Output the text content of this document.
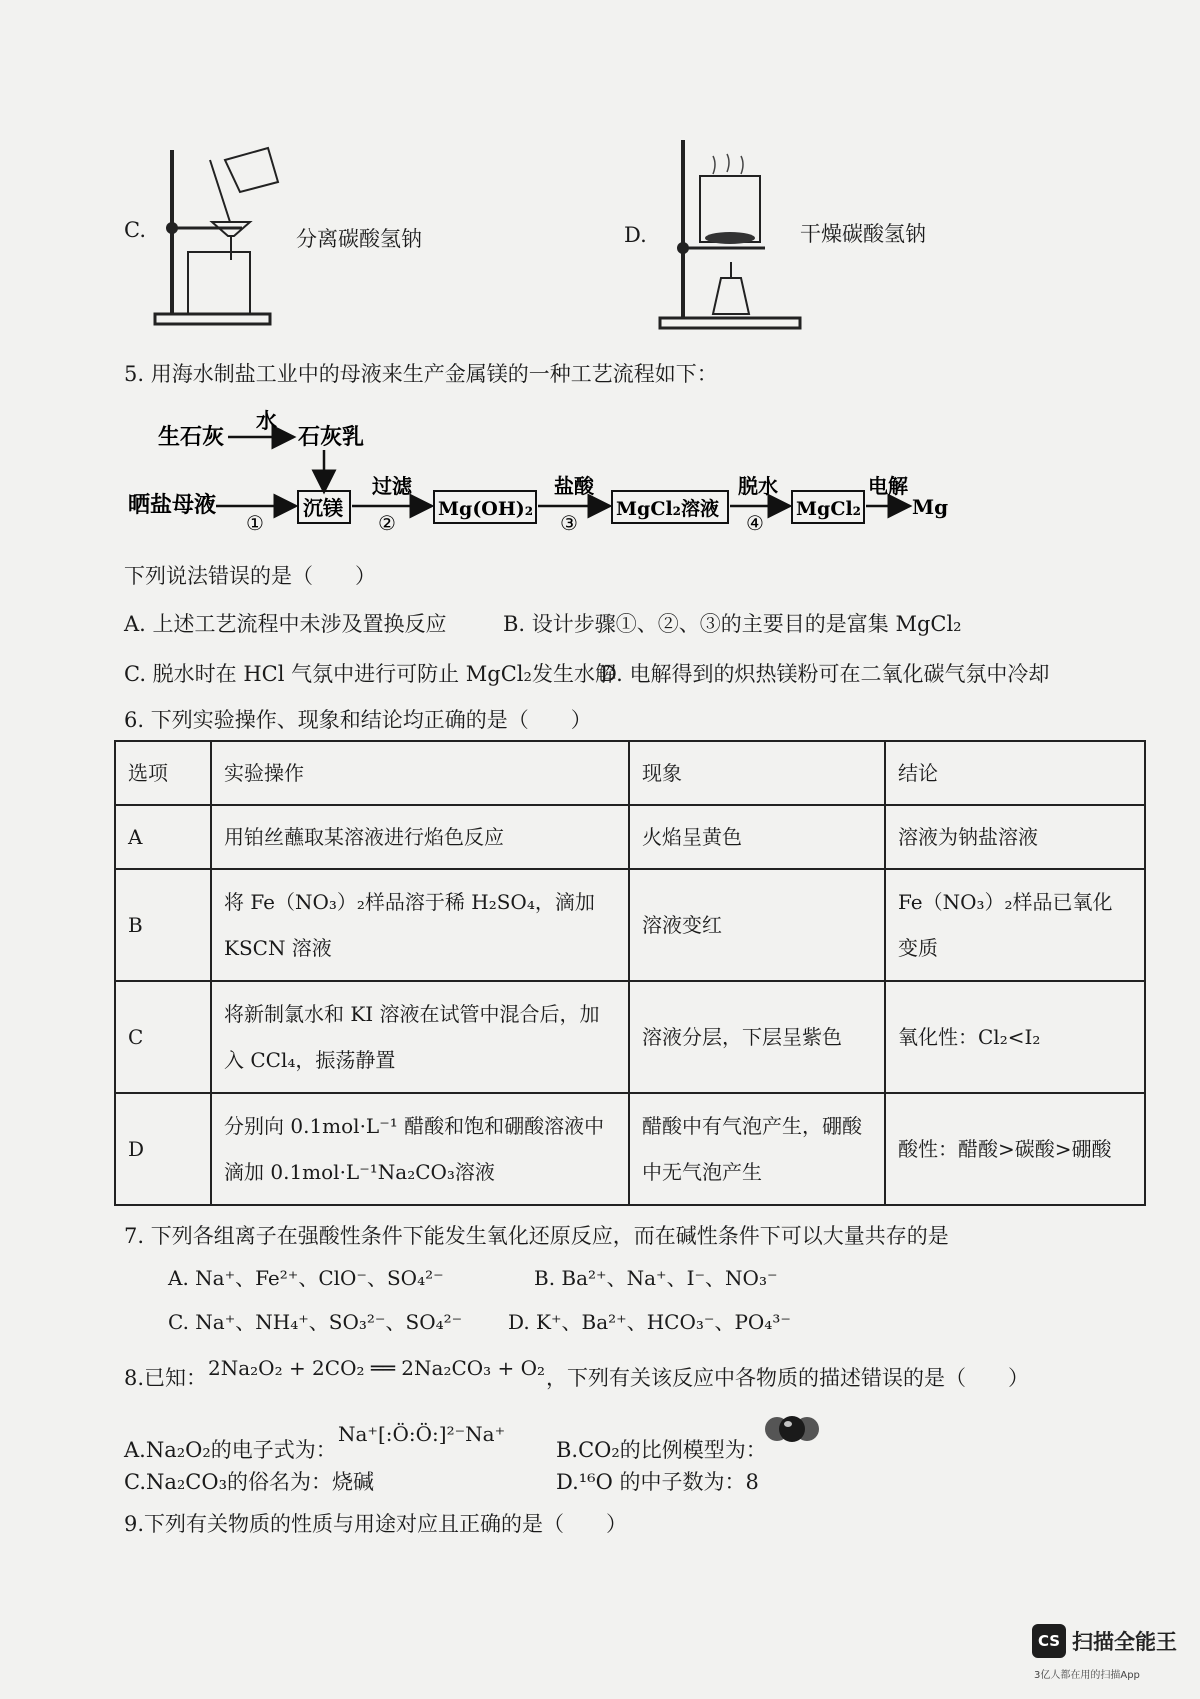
C.	分离碳酸氢钠	D.	干燥碳酸氢钠
5. 用海水制盐工业中的母液来生产金属镁的一种工艺流程如下：
生石灰
水
石灰乳
晒盐母液
①
沉镁
过滤
②
Mg(OH)₂
盐酸
③
MgCl₂溶液
脱水
④
MgCl₂
电解
Mg
下列说法错误的是（　　）
A. 上述工艺流程中未涉及置换反应	B. 设计步骤①、②、③的主要目的是富集 MgCl₂
C. 脱水时在 HCl 气氛中进行可防止 MgCl₂发生水解
D. 电解得到的炽热镁粉可在二氧化碳气氛中冷却
6. 下列实验操作、现象和结论均正确的是（　　）
选项	实验操作	现象	结论
A	用铂丝蘸取某溶液进行焰色反应	火焰呈黄色	溶液为钠盐溶液
B	将 Fe（NO₃）₂样品溶于稀 H₂SO₄，滴加 KSCN 溶液	溶液变红	Fe（NO₃）₂样品已氧化变质
C	将新制氯水和 KI 溶液在试管中混合后，加入 CCl₄，振荡静置	溶液分层，下层呈紫色	氧化性：Cl₂<I₂
D	分别向 0.1mol·L⁻¹ 醋酸和饱和硼酸溶液中滴加 0.1mol·L⁻¹Na₂CO₃溶液	醋酸中有气泡产生，硼酸中无气泡产生	酸性：醋酸>碳酸>硼酸
7. 下列各组离子在强酸性条件下能发生氧化还原反应，而在碱性条件下可以大量共存的是
A. Na⁺、Fe²⁺、ClO⁻、SO₄²⁻	B. Ba²⁺、Na⁺、I⁻、NO₃⁻
C. Na⁺、NH₄⁺、SO₃²⁻、SO₄²⁻ D. K⁺、Ba²⁺、HCO₃⁻、PO₄³⁻
8.已知： 2Na₂O₂ + 2CO₂ ══ 2Na₂CO₃ + O₂ ，下列有关该反应中各物质的描述错误的是（　　）
A.Na₂O₂的电子式为：
Na⁺[:Ö:Ö:]²⁻Na⁺
B.CO₂的比例模型为：
C.Na₂CO₃的俗名为：烧碱	D.¹⁶O 的中子数为：8
9.下列有关物质的性质与用途对应且正确的是（　　）
CS 扫描全能王
3亿人都在用的扫描App
